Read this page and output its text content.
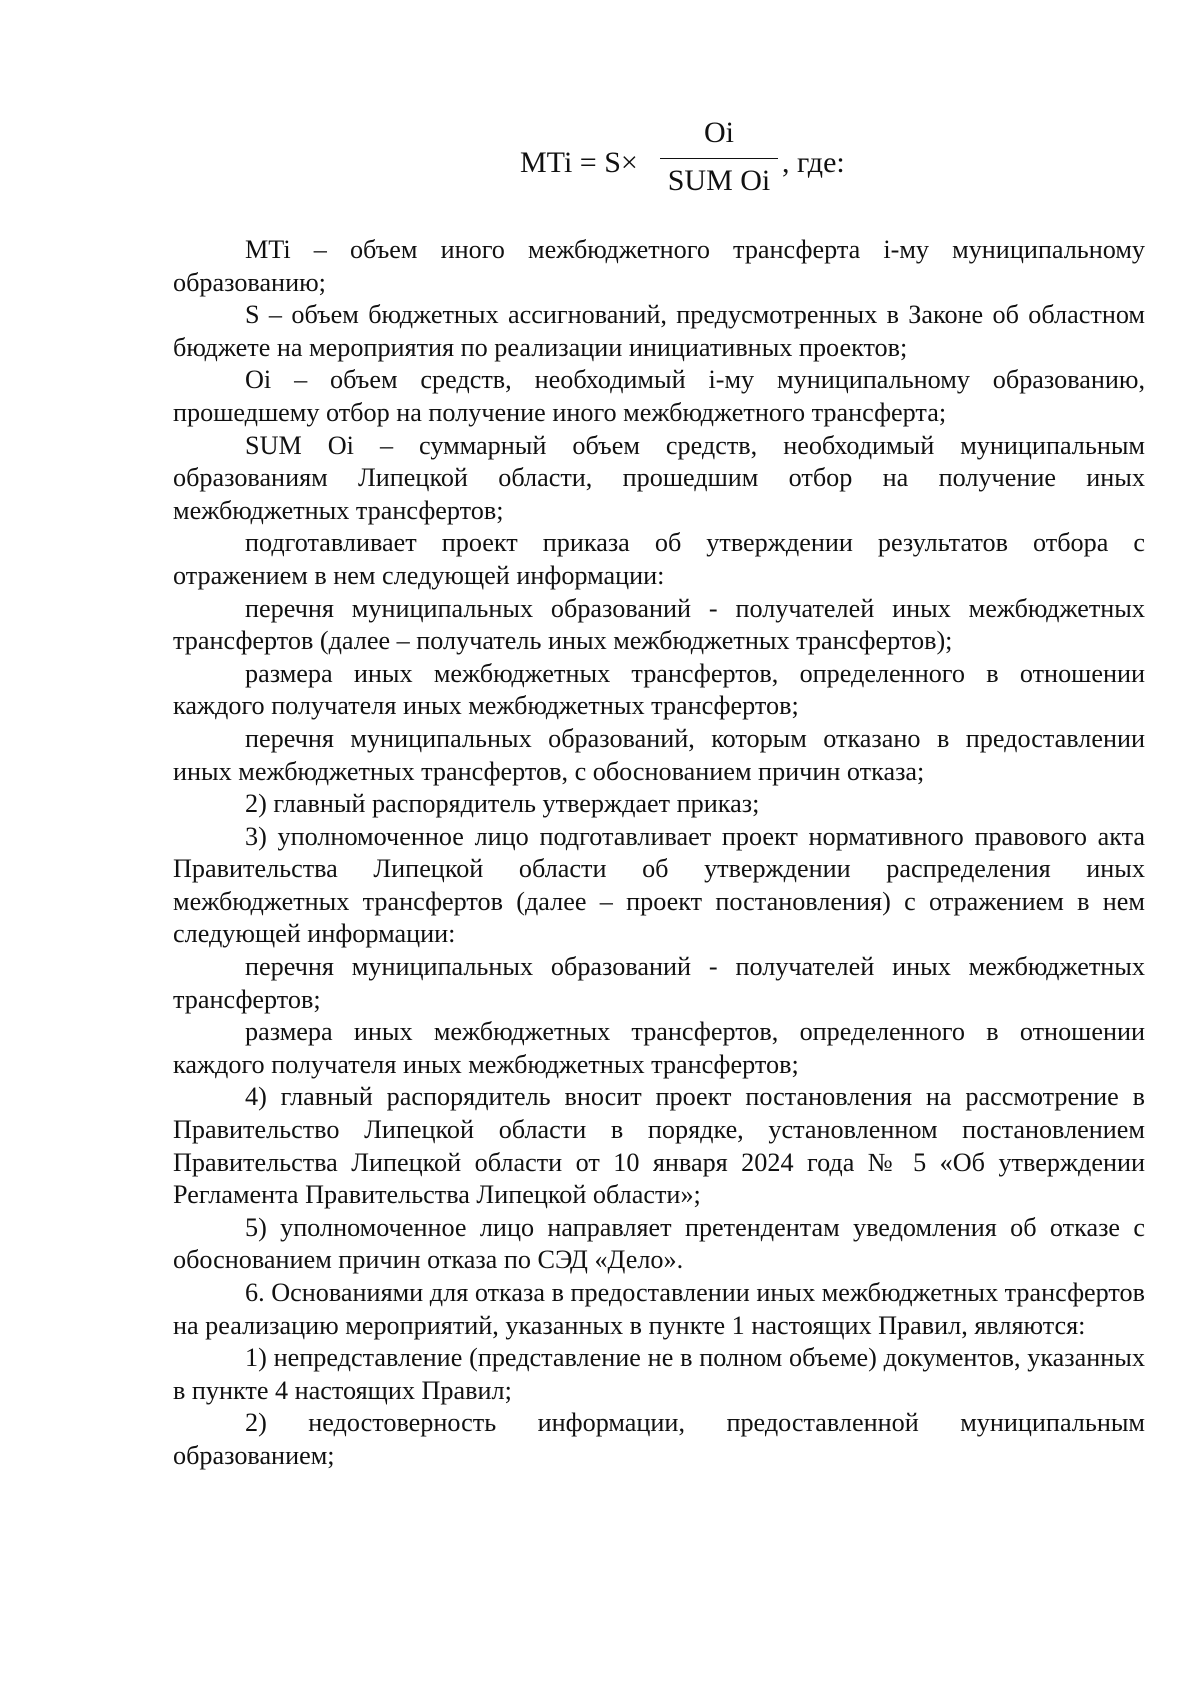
MTi = S×
Oi
SUM Oi
, где:

MTi – объем иного межбюджетного трансферта i-му муниципальному образованию;

S – объем бюджетных ассигнований, предусмотренных в Законе об областном бюджете на мероприятия по реализации инициативных проектов;

Oi – объем средств, необходимый i-му муниципальному образованию, прошедшему отбор на получение иного межбюджетного трансферта;

SUM Oi – суммарный объем средств, необходимый муниципальным образованиям Липецкой области, прошедшим отбор на получение иных межбюджетных трансфертов;

подготавливает проект приказа об утверждении результатов отбора с отражением в нем следующей информации:

перечня муниципальных образований - получателей иных межбюджетных трансфертов (далее – получатель иных межбюджетных трансфертов);

размера иных межбюджетных трансфертов, определенного в отношении каждого получателя иных межбюджетных трансфертов;

перечня муниципальных образований, которым отказано в предоставлении иных межбюджетных трансфертов, с обоснованием причин отказа;

2) главный распорядитель утверждает приказ;

3) уполномоченное лицо подготавливает проект нормативного правового акта Правительства Липецкой области об утверждении распределения иных межбюджетных трансфертов (далее – проект постановления) с отражением в нем следующей информации:

перечня муниципальных образований - получателей иных межбюджетных трансфертов;

размера иных межбюджетных трансфертов, определенного в отношении каждого получателя иных межбюджетных трансфертов;

4) главный распорядитель вносит проект постановления на рассмотрение в Правительство Липецкой области в порядке, установленном постановлением Правительства Липецкой области от 10 января 2024 года № 5 «Об утверждении Регламента Правительства Липецкой области»;

5) уполномоченное лицо направляет претендентам уведомления об отказе с обоснованием причин отказа по СЭД «Дело».

6. Основаниями для отказа в предоставлении иных межбюджетных трансфертов на реализацию мероприятий, указанных в пункте 1 настоящих Правил, являются:

1) непредставление (представление не в полном объеме) документов, указанных в пункте 4 настоящих Правил;

2) недостоверность информации, предоставленной муниципальным образованием;
